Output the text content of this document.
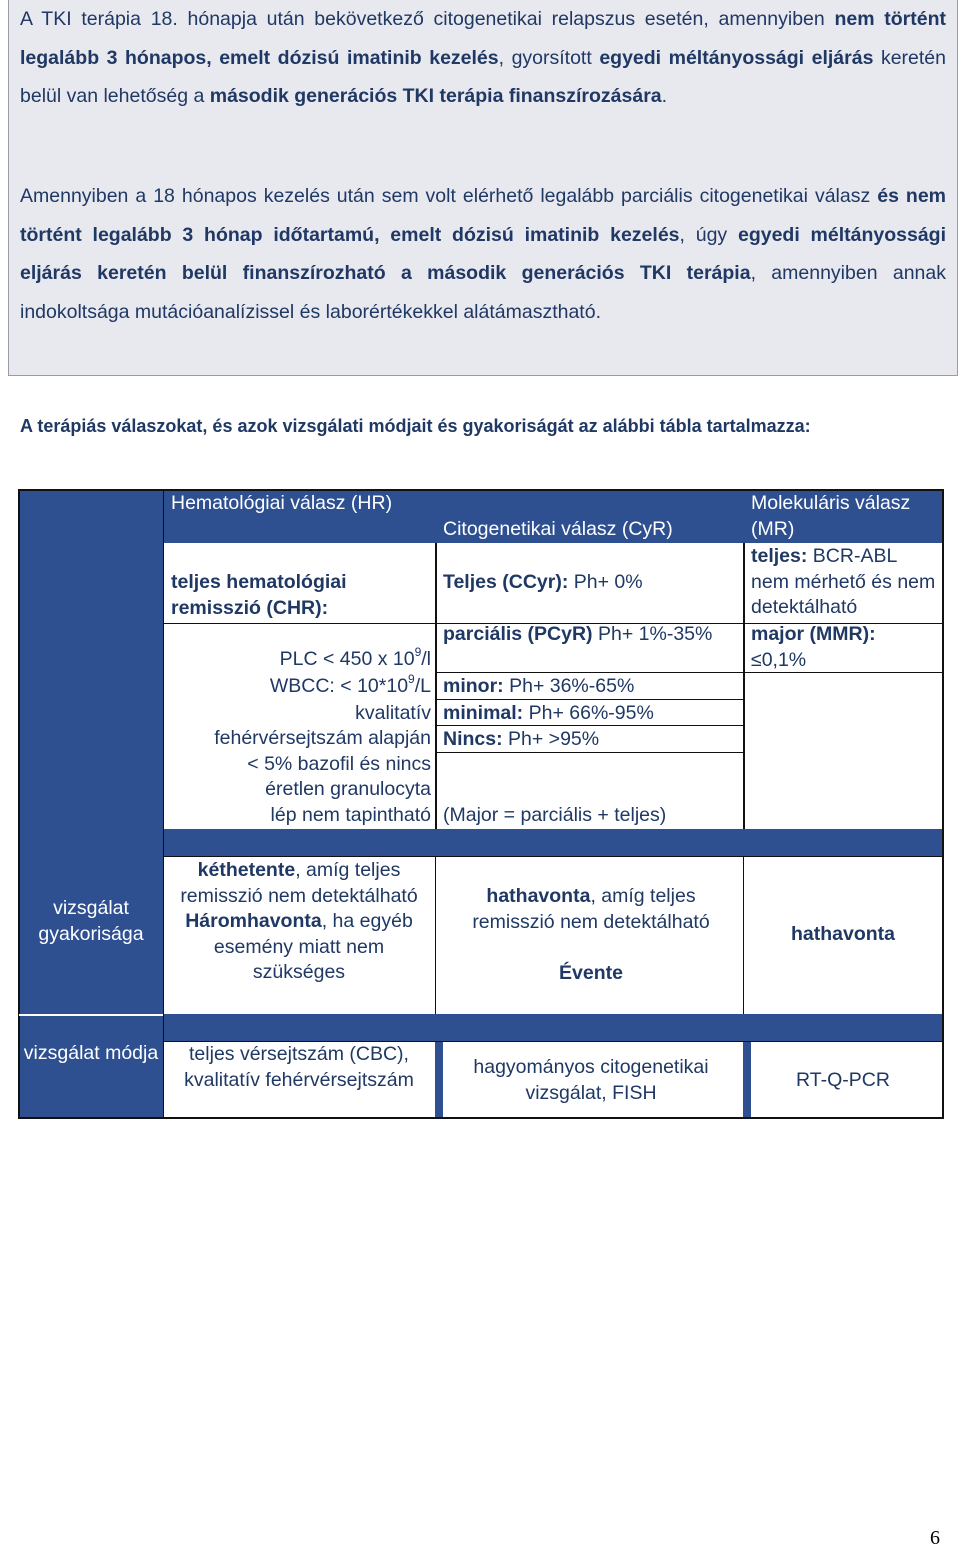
A TKI terápia 18. hónapja után bekövetkező citogenetikai relapszus esetén, amennyiben nem történt legalább 3 hónapos, emelt dózisú imatinib kezelés, gyorsított egyedi méltányossági eljárás keretén belül van lehetőség a második generációs TKI terápia finanszírozására.
Amennyiben a 18 hónapos kezelés után sem volt elérhető legalább parciális citogenetikai válasz és nem történt legalább 3 hónap időtartamú, emelt dózisú imatinib kezelés, úgy egyedi méltányossági eljárás keretén belül finanszírozható a második generációs TKI terápia, amennyiben annak indokoltsága mutációanalízissel és laborértékekkel alátámasztható.
A terápiás válaszokat, és azok vizsgálati módjait és gyakoriságát az alábbi tábla tartalmazza:
Hematológiai válasz (HR)
Citogenetikai válasz (CyR)
Molekuláris válasz (MR)
teljes hematológiai remisszió (CHR):
PLC < 450 x $10^9/l$
WBCC: < $10*10^9/L$
kvalitatív
fehérvérsejtszám alapján
< 5% bazofil és nincs
éretlen granulocyta
lép nem tapintható
Teljes (CCyr): Ph+ 0%
parciális (PCyR) Ph+ 1%-35%
minor: Ph+ 36%-65%
minimal: Ph+ 66%-95%
Nincs: Ph+ >95%
(Major = parciális + teljes)
teljes: BCR-ABL nem mérhető és nem detektálható
major (MMR):
≤0,1%
vizsgálat gyakorisága
kéthetente, amíg teljes remisszió nem detektálható Háromhavonta, ha egyéb esemény miatt nem szükséges
hathavonta, amíg teljes remisszió nem detektálható

Évente
hathavonta
vizsgálat módja	teljes vérsejtszám (CBC), kvalitatív fehérvérsejtszám
hagyományos citogenetikai vizsgálat, FISH
RT-Q-PCR
6
